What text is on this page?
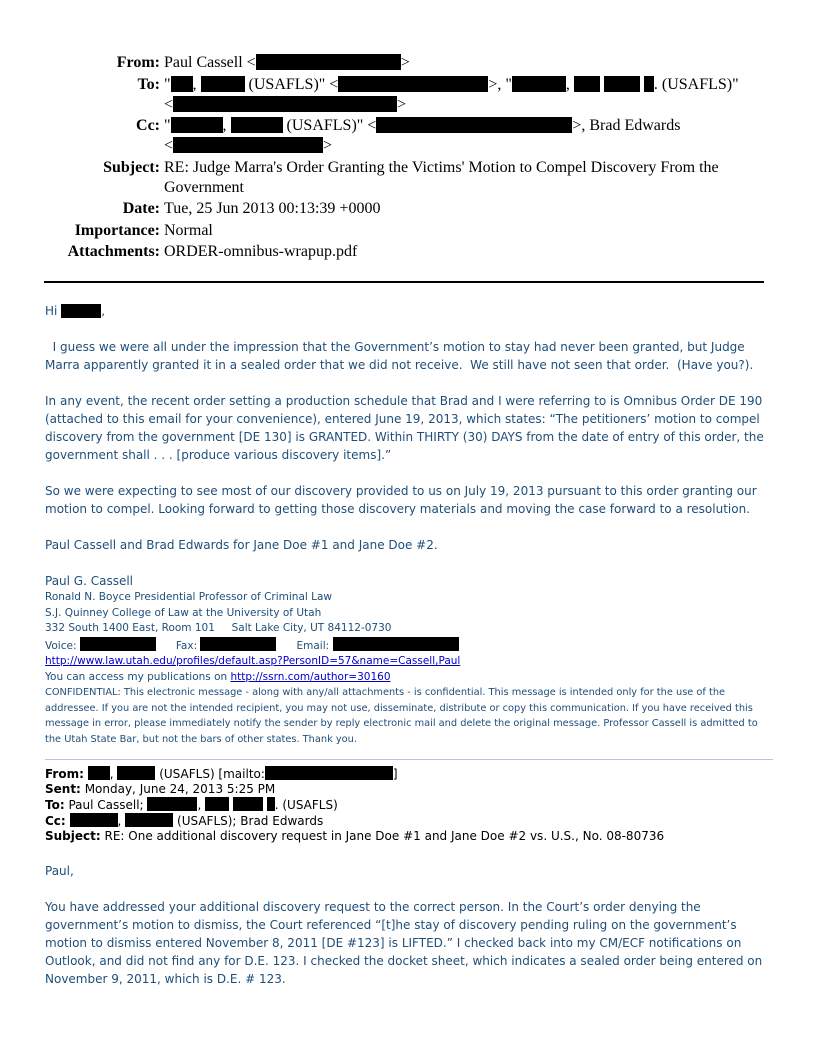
From: Paul Cassell <	>
To: " ,	(USAFLS)" <	>, "	,	. (USAFLS)"
<	>
Cc: "	,	(USAFLS)" <	>, Brad Edwards
<	>
Subject: RE: Judge Marra's Order Granting the Victims' Motion to Compel Discovery From the Government
Date: Tue, 25 Jun 2013 00:13:39 +0000
Importance: Normal
Attachments: ORDER-omnibus-wrapup.pdf

Hi	,

I guess we were all under the impression that the Government’s motion to stay had never been granted, but Judge Marra apparently granted it in a sealed order that we did not receive.  We still have not seen that order.  (Have you?).

In any event, the recent order setting a production schedule that Brad and I were referring to is Omnibus Order DE 190 (attached to this email for your convenience), entered June 19, 2013, which states: “The petitioners’ motion to compel discovery from the government [DE 130] is GRANTED. Within THIRTY (30) DAYS from the date of entry of this order, the government shall . . . [produce various discovery items].”

So we were expecting to see most of our discovery provided to us on July 19, 2013 pursuant to this order granting our motion to compel. Looking forward to getting those discovery materials and moving the case forward to a resolution.

Paul Cassell and Brad Edwards for Jane Doe #1 and Jane Doe #2.

Paul G. Cassell

Ronald N. Boyce Presidential Professor of Criminal Law
S.J. Quinney College of Law at the University of Utah
332 South 1400 East, Room 101     Salt Lake City, UT 84112-0730
Voice:	Fax:	Email:
http://www.law.utah.edu/profiles/default.asp?PersonID=57&name=Cassell,Paul
You can access my publications on http://ssrn.com/author=30160
CONFIDENTIAL: This electronic message - along with any/all attachments - is confidential. This message is intended only for the use of the addressee. If you are not the intended recipient, you may not use, disseminate, distribute or copy this communication. If you have received this message in error, please immediately notify the sender by reply electronic mail and delete the original message. Professor Cassell is admitted to the Utah State Bar, but not the bars of other states. Thank you.
From: ,	(USAFLS) [mailto:	]
Sent: Monday, June 24, 2013 5:25 PM
To: Paul Cassell;	,	. (USAFLS)
Cc:	,	(USAFLS); Brad Edwards
Subject: RE: One additional discovery request in Jane Doe #1 and Jane Doe #2 vs. U.S., No. 08-80736

Paul,

You have addressed your additional discovery request to the correct person. In the Court’s order denying the government’s motion to dismiss, the Court referenced “[t]he stay of discovery pending ruling on the government’s motion to dismiss entered November 8, 2011 [DE #123] is LIFTED.” I checked back into my CM/ECF notifications on Outlook, and did not find any for D.E. 123. I checked the docket sheet, which indicates a sealed order being entered on November 9, 2011, which is D.E. # 123.
